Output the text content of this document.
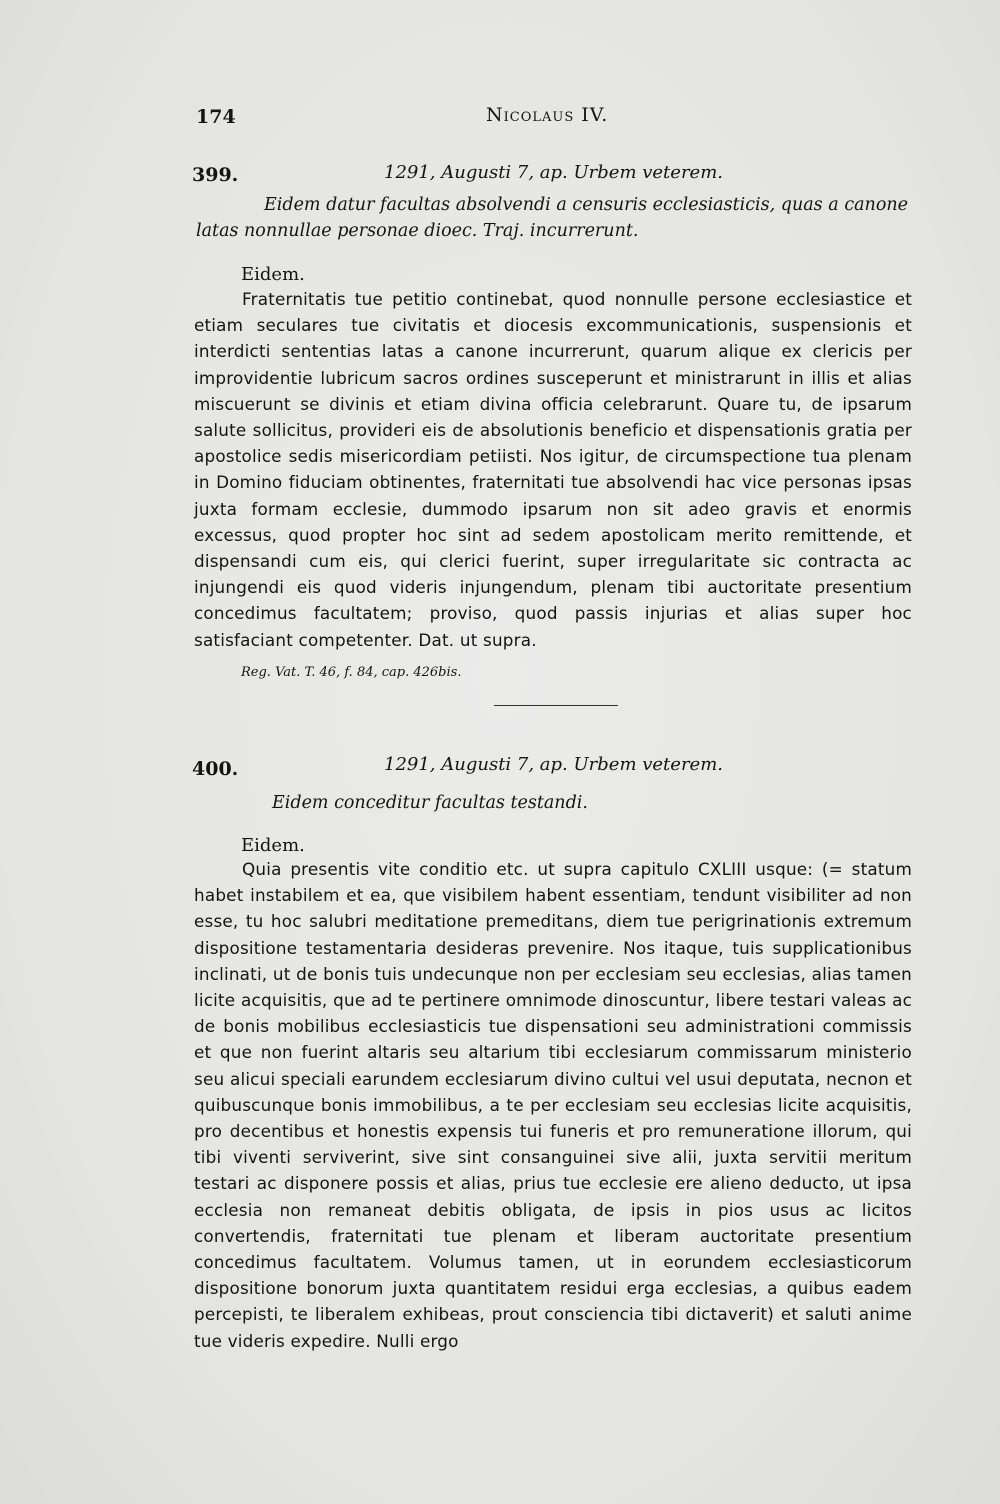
174	Nicolaus IV.
399.	1291, Augusti 7, ap. Urbem veterem.
Eidem datur facultas absolvendi a censuris ecclesiasticis, quas a canone latas nonnullae personae dioec. Traj. incurrerunt.
Eidem.
Fraternitatis tue petitio continebat, quod nonnulle persone ecclesiastice et etiam seculares tue civitatis et diocesis excommunicationis, suspensionis et interdicti sententias latas a canone incurrerunt, quarum alique ex clericis per improvidentie lubricum sacros ordines susceperunt et ministrarunt in illis et alias miscuerunt se divinis et etiam divina officia celebrarunt. Quare tu, de ipsarum salute sollicitus, provideri eis de absolutionis beneficio et dispensationis gratia per apostolice sedis misericordiam petiisti. Nos igitur, de circumspectione tua plenam in Domino fiduciam obtinentes, fraternitati tue absolvendi hac vice personas ipsas juxta formam ecclesie, dummodo ipsarum non sit adeo gravis et enormis excessus, quod propter hoc sint ad sedem apostolicam merito remittende, et dispensandi cum eis, qui clerici fuerint, super irregularitate sic contracta ac injungendi eis quod videris injungendum, plenam tibi auctoritate presentium concedimus facultatem; proviso, quod passis injurias et alias super hoc satisfaciant competenter. Dat. ut supra.
Reg. Vat. T. 46, f. 84, cap. 426bis.
400.	1291, Augusti 7, ap. Urbem veterem.
Eidem conceditur facultas testandi.
Eidem.
Quia presentis vite conditio etc. ut supra capitulo CXLIII usque: (= statum habet instabilem et ea, que visibilem habent essentiam, tendunt visibiliter ad non esse, tu hoc salubri meditatione premeditans, diem tue perigrinationis extremum dispositione testamentaria desideras prevenire. Nos itaque, tuis supplicationibus inclinati, ut de bonis tuis undecunque non per ecclesiam seu ecclesias, alias tamen licite acquisitis, que ad te pertinere omnimode dinoscuntur, libere testari valeas ac de bonis mobilibus ecclesiasticis tue dispensationi seu administrationi commissis et que non fuerint altaris seu altarium tibi ecclesiarum commissarum ministerio seu alicui speciali earundem ecclesiarum divino cultui vel usui deputata, necnon et quibuscunque bonis immobilibus, a te per ecclesiam seu ecclesias licite acquisitis, pro decentibus et honestis expensis tui funeris et pro remuneratione illorum, qui tibi viventi serviverint, sive sint consanguinei sive alii, juxta servitii meritum testari ac disponere possis et alias, prius tue ecclesie ere alieno deducto, ut ipsa ecclesia non remaneat debitis obligata, de ipsis in pios usus ac licitos convertendis, fraternitati tue plenam et liberam auctoritate presentium concedimus facultatem. Volumus tamen, ut in eorundem ecclesiasticorum dispositione bonorum juxta quantitatem residui erga ecclesias, a quibus eadem percepisti, te liberalem exhibeas, prout consciencia tibi dictaverit) et saluti anime tue videris expedire. Nulli ergo
